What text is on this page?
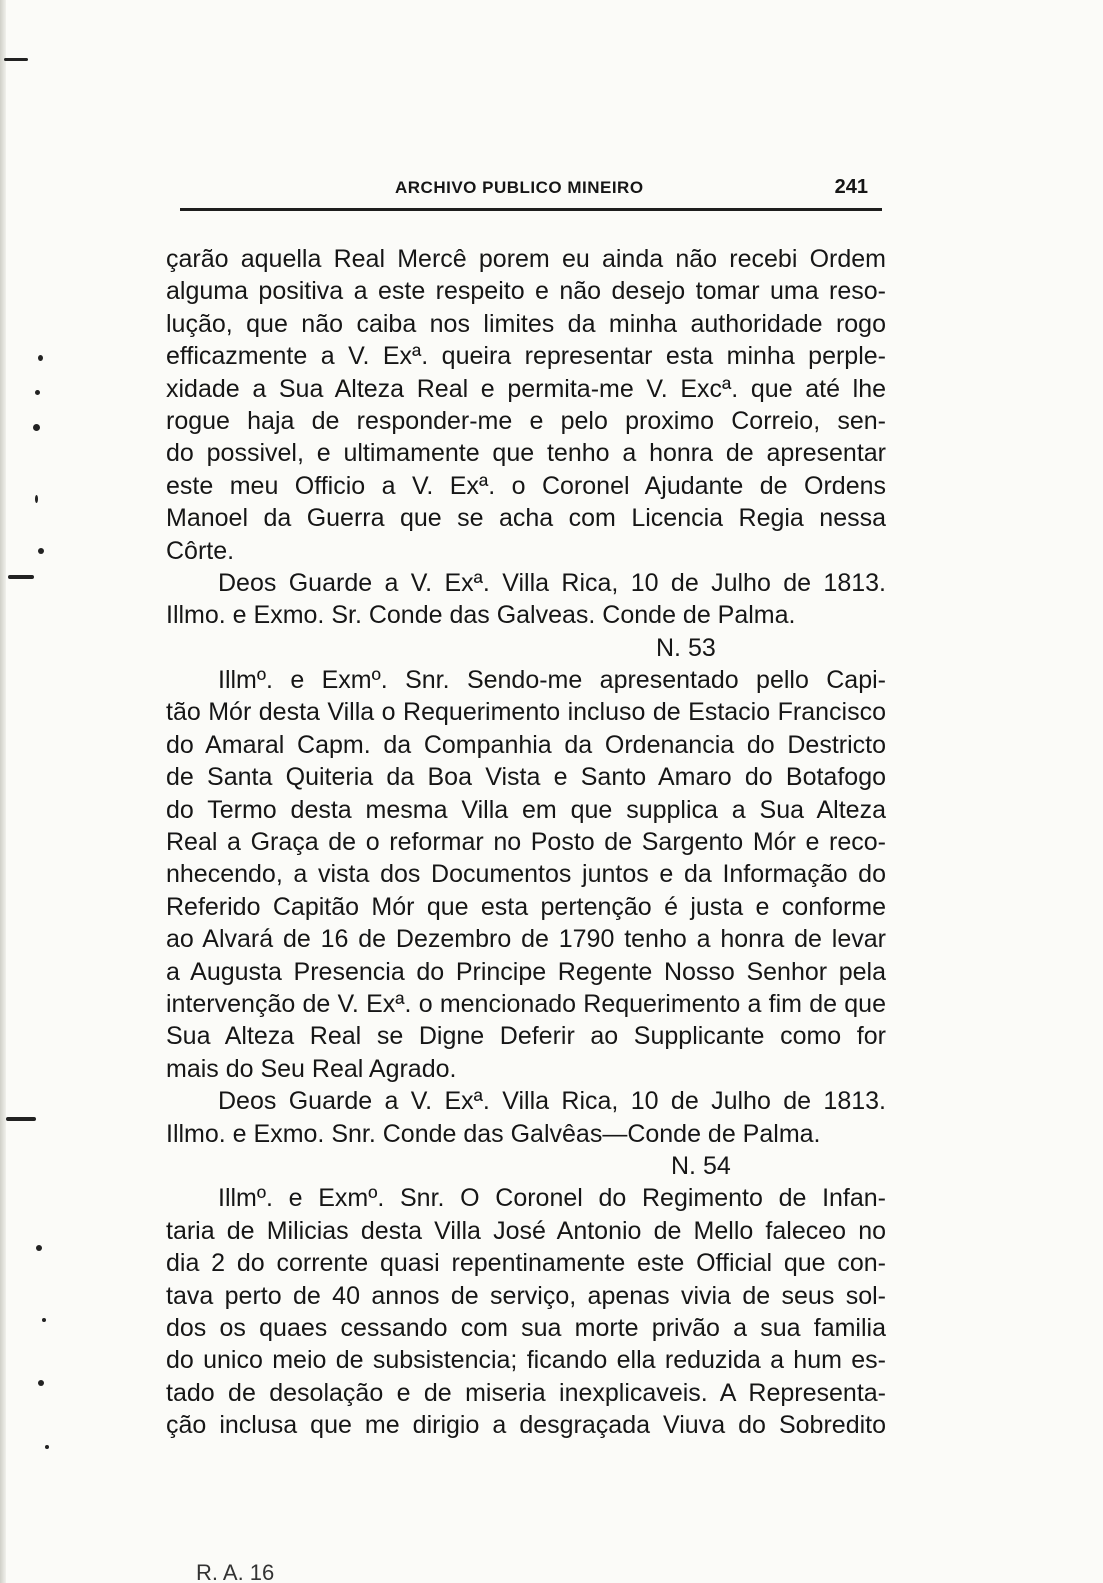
ARCHIVO PUBLICO MINEIRO	241
çarão aquella Real Mercê porem eu ainda não recebi Ordem
alguma positiva a este respeito e não desejo tomar uma reso-
lução, que não caiba nos limites da minha authoridade rogo
efficazmente a V. Exª. queira representar esta minha perple-
xidade a Sua Alteza Real e permita-me V. Excª. que até lhe
rogue haja de responder-me e pelo proximo Correio, sen-
do possivel, e ultimamente que tenho a honra de apresentar
este meu Officio a V. Exª. o Coronel Ajudante de Ordens
Manoel da Guerra que se acha com Licencia Regia nessa
Côrte.
Deos Guarde a V. Exª. Villa Rica, 10 de Julho de 1813.
Illmo. e Exmo. Sr. Conde das Galveas. Conde de Palma.
N. 53
Illmº. e Exmº. Snr. Sendo-me apresentado pello Capi-
tão Mór desta Villa o Requerimento incluso de Estacio Francisco
do Amaral Capm. da Companhia da Ordenancia do Destricto
de Santa Quiteria da Boa Vista e Santo Amaro do Botafogo
do Termo desta mesma Villa em que supplica a Sua Alteza
Real a Graça de o reformar no Posto de Sargento Mór e reco-
nhecendo, a vista dos Documentos juntos e da Informação do
Referido Capitão Mór que esta pertenção é justa e conforme
ao Alvará de 16 de Dezembro de 1790 tenho a honra de levar
a Augusta Presencia do Principe Regente Nosso Senhor pela
intervenção de V. Exª. o mencionado Requerimento a fim de que
Sua Alteza Real se Digne Deferir ao Supplicante como for
mais do Seu Real Agrado.
Deos Guarde a V. Exª. Villa Rica, 10 de Julho de 1813.
Illmo. e Exmo. Snr. Conde das Galvêas—Conde de Palma.
N. 54
Illmº. e Exmº. Snr. O Coronel do Regimento de Infan-
taria de Milicias desta Villa José Antonio de Mello faleceo no
dia 2 do corrente quasi repentinamente este Official que con-
tava perto de 40 annos de serviço, apenas vivia de seus sol-
dos os quaes cessando com sua morte privão a sua familia
do unico meio de subsistencia; ficando ella reduzida a hum es-
tado de desolação e de miseria inexplicaveis. A Representa-
ção inclusa que me dirigio a desgraçada Viuva do Sobredito
R. A. 16
